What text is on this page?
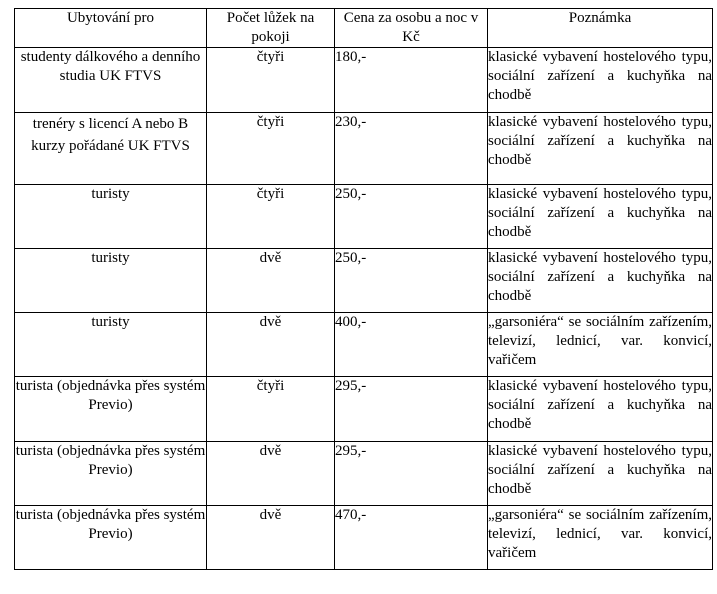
Ubytování pro	Počet lůžek na pokoji	Cena za osobu a noc v Kč	Poznámka
studenty dálkového a denního studia UK FTVS	čtyři	180,-	klasické vybavení hostelového typu, sociální zařízení a kuchyňka na chodbě
trenéry s licencí A nebo B kurzy pořádané UK FTVS	čtyři	230,-	klasické vybavení hostelového typu, sociální zařízení a kuchyňka na chodbě
turisty	čtyři	250,-	klasické vybavení hostelového typu, sociální zařízení a kuchyňka na chodbě
turisty	dvě	250,-	klasické vybavení hostelového typu, sociální zařízení a kuchyňka na chodbě
turisty	dvě	400,-	„garsoniéra“ se sociálním zařízením, televizí, lednicí, var. konvicí, vařičem
turista (objednávka přes systém Previo)	čtyři	295,-	klasické vybavení hostelového typu, sociální zařízení a kuchyňka na chodbě
turista (objednávka přes systém Previo)	dvě	295,-	klasické vybavení hostelového typu, sociální zařízení a kuchyňka na chodbě
turista (objednávka přes systém Previo)	dvě	470,-	„garsoniéra“ se sociálním zařízením, televizí, lednicí, var. konvicí, vařičem
